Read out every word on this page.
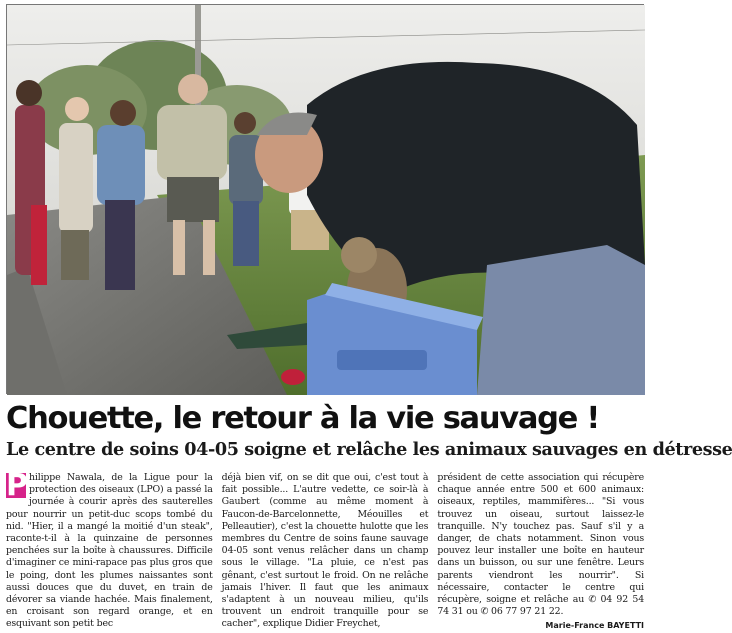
Chouette, le retour à la vie sauvage !
Le centre de soins 04-05 soigne et relâche les animaux sauvages en détresse
P hilippe Nawala, de la Ligue pour la protection des oiseaux (LPO) a passé la journée à courir après des sauterelles pour nourrir un petit-duc scops tombé du nid. "Hier, il a mangé la moitié d'un steak", raconte-t-il à la quinzaine de personnes penchées sur la boîte à chaussures. Difficile d'imaginer ce mini-rapace pas plus gros que le poing, dont les plumes naissantes sont aussi douces que du duvet, en train de dévorer sa viande hachée. Mais finalement, en croisant son regard orange, et en esquivant son petit bec

déjà bien vif, on se dit que oui, c'est tout à fait possible... L'autre vedette, ce soir-là à Gaubert (comme au même moment à Faucon-de-Barcelonnette, Méouilles et Pelleautier), c'est la chouette hulotte que les membres du Centre de soins faune sauvage 04-05 sont venus relâcher dans un champ sous le village. "La pluie, ce n'est pas gênant, c'est surtout le froid. On ne relâche jamais l'hiver. Il faut que les animaux s'adaptent à un nouveau milieu, qu'ils trouvent un endroit tranquille pour se cacher", explique Didier Freychet,

président de cette association qui récupère chaque année entre 500 et 600 animaux: oiseaux, reptiles, mammifères... "Si vous trouvez un oiseau, surtout laissez-le tranquille. N'y touchez pas. Sauf s'il y a danger, de chats notamment. Sinon vous pouvez leur installer une boîte en hauteur dans un buisson, ou sur une fenêtre. Leurs parents viendront les nourrir". Si nécessaire, contacter le centre qui récupère, soigne et relâche au ✆ 04 92 54 74 31 ou ✆ 06 77 97 21 22.

Marie-France BAYETTI
